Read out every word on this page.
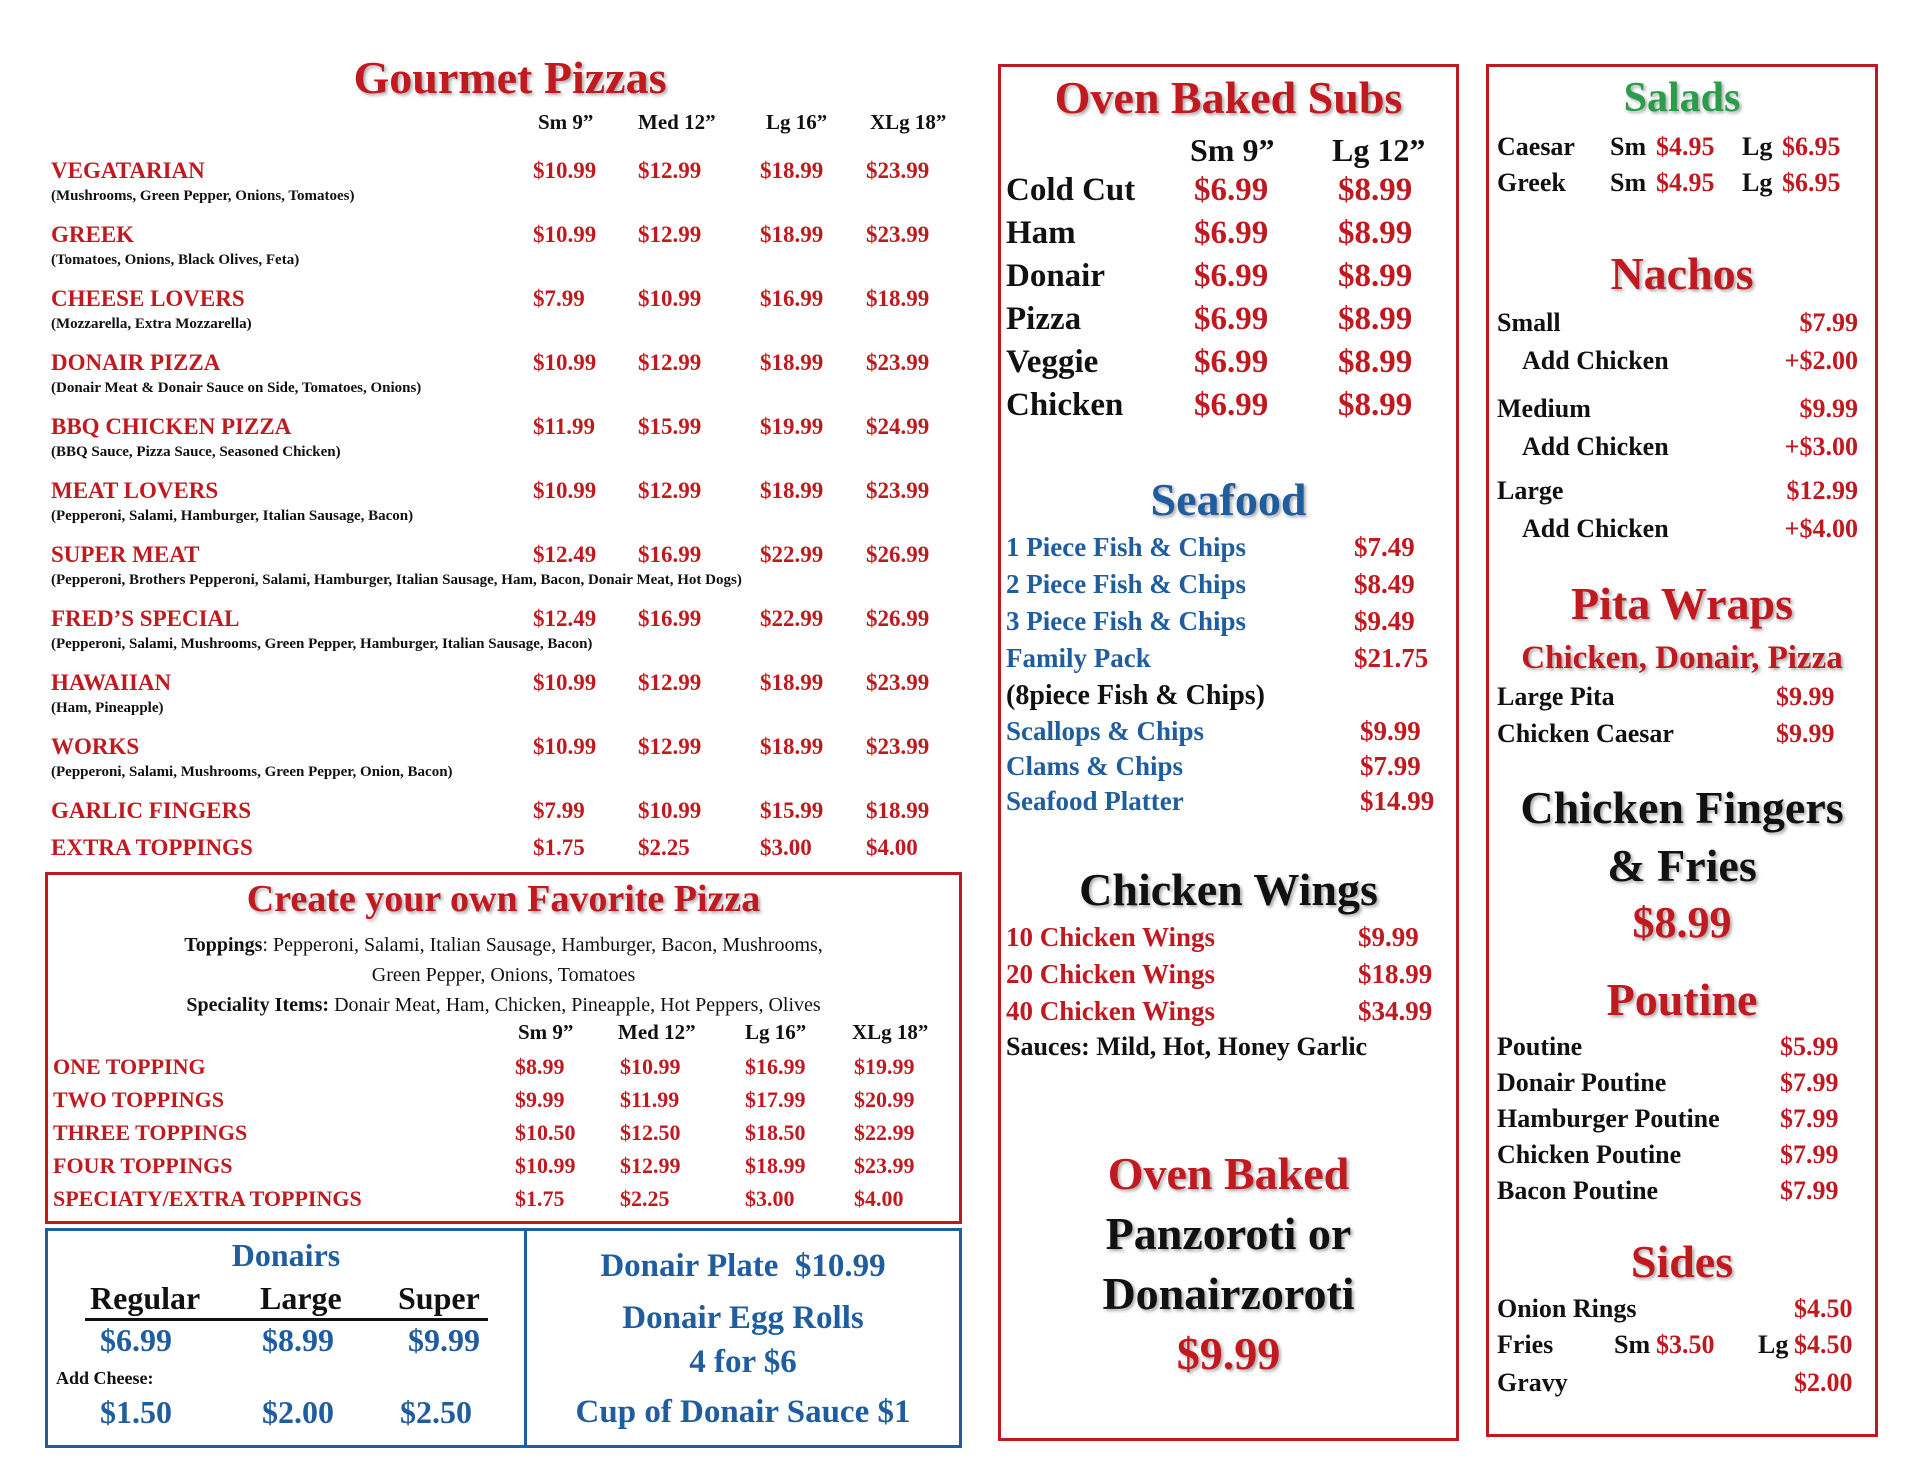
Gourmet Pizzas
Sm 9” Med 12” Lg 16” XLg 18”
VEGATARIAN	$10.99 $12.99	$18.99 $23.99
(Mushrooms, Green Pepper, Onions, Tomatoes)
GREEK	$10.99 $12.99	$18.99 $23.99
(Tomatoes, Onions, Black Olives, Feta)
CHEESE LOVERS	$7.99 $10.99	$16.99 $18.99
(Mozzarella, Extra Mozzarella)
DONAIR PIZZA	$10.99 $12.99	$18.99 $23.99
(Donair Meat & Donair Sauce on Side, Tomatoes, Onions)
BBQ CHICKEN PIZZA	$11.99 $15.99	$19.99 $24.99
(BBQ Sauce, Pizza Sauce, Seasoned Chicken)
MEAT LOVERS	$10.99 $12.99	$18.99 $23.99
(Pepperoni, Salami, Hamburger, Italian Sausage, Bacon)
SUPER MEAT	$12.49 $16.99	$22.99 $26.99
(Pepperoni, Brothers Pepperoni, Salami, Hamburger, Italian Sausage, Ham, Bacon, Donair Meat, Hot Dogs)
FRED’S SPECIAL	$12.49 $16.99	$22.99 $26.99
(Pepperoni, Salami, Mushrooms, Green Pepper, Hamburger, Italian Sausage, Bacon)
HAWAIIAN	$10.99 $12.99	$18.99 $23.99
(Ham, Pineapple)
WORKS	$10.99 $12.99	$18.99 $23.99
(Pepperoni, Salami, Mushrooms, Green Pepper, Onion, Bacon)
GARLIC FINGERS	$7.99 $10.99	$15.99 $18.99
EXTRA TOPPINGS	$1.75 $2.25	$3.00 $4.00
Create your own Favorite Pizza
Toppings: Pepperoni, Salami, Italian Sausage, Hamburger, Bacon, Mushrooms,
Green Pepper, Onions, Tomatoes
Speciality Items: Donair Meat, Ham, Chicken, Pineapple, Hot Peppers, Olives
Sm 9” Med 12” Lg 16” XLg 18”
ONE TOPPING	$8.99	$10.99	$16.99 $19.99
TWO TOPPINGS	$9.99	$11.99	$17.99 $20.99
THREE TOPPINGS	$10.50 $12.50	$18.50 $22.99
FOUR TOPPINGS	$10.99 $12.99	$18.99 $23.99
SPECIATY/EXTRA TOPPINGS	$1.75	$2.25	$3.00	$4.00
Donairs
Regular Large Super
$6.99	$8.99 $9.99
Add Cheese:
$1.50	$2.00 $2.50
Donair Plate  $10.99
Donair Egg Rolls
4 for $6
Cup of Donair Sauce $1
Oven Baked Subs
Sm 9” Lg 12”
Cold Cut $6.99 $8.99
Ham	$6.99 $8.99
Donair	$6.99 $8.99
Pizza	$6.99 $8.99
Veggie	$6.99 $8.99
Chicken $6.99 $8.99
Seafood
1 Piece Fish & Chips	$7.49
2 Piece Fish & Chips	$8.49
3 Piece Fish & Chips	$9.49
Family Pack	$21.75
(8piece Fish & Chips)
Scallops & Chips	$9.99
Clams & Chips	$7.99
Seafood Platter	$14.99
Chicken Wings
10 Chicken Wings	$9.99
20 Chicken Wings	$18.99
40 Chicken Wings	$34.99
Sauces: Mild, Hot, Honey Garlic
Oven Baked
Panzoroti or
Donairzoroti
$9.99
Salads
Caesar Sm $4.95 Lg $6.95
Greek Sm $4.95 Lg $6.95
Nachos
Small	$7.99
Add Chicken	+$2.00
Medium	$9.99
Add Chicken	+$3.00
Large	$12.99
Add Chicken	+$4.00
Pita Wraps
Chicken, Donair, Pizza
Large Pita	$9.99
Chicken Caesar	$9.99
Chicken Fingers
& Fries
$8.99
Poutine
Poutine	$5.99
Donair Poutine	$7.99
Hamburger Poutine $7.99
Chicken Poutine	$7.99
Bacon Poutine	$7.99
Sides
Onion Rings	$4.50
Fries Sm $3.50 Lg $4.50
Gravy	$2.00
